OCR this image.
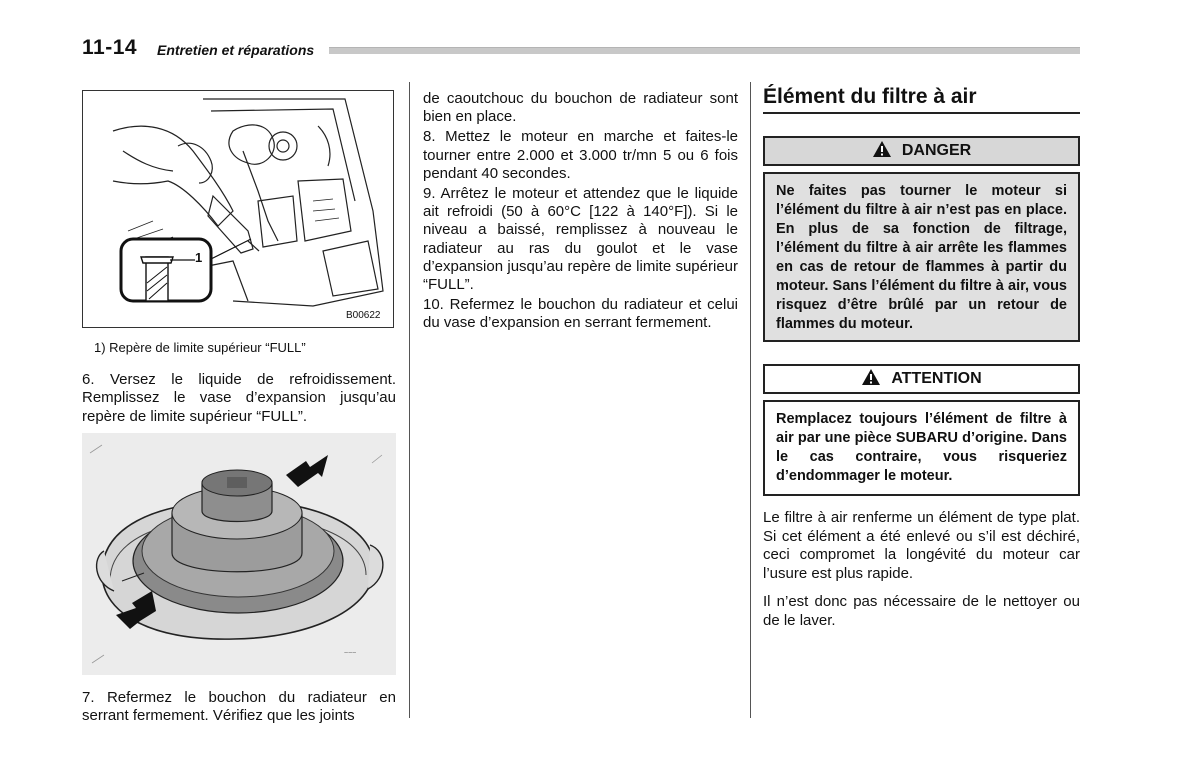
11-14 Entretien et réparations
1
B00622
1) Repère de limite supérieur “FULL”

6. Versez le liquide de refroidissement. Remplissez le vase d’expansion jusqu’au repère de limite supérieur “FULL”.

~~~

7. Refermez le bouchon du radiateur en serrant fermement. Vérifiez que les joints

de caoutchouc du bouchon de radiateur sont bien en place.

8. Mettez le moteur en marche et faites-le tourner entre 2.000 et 3.000 tr/mn 5 ou 6 fois pendant 40 secondes.

9. Arrêtez le moteur et attendez que le liquide ait refroidi (50 à 60°C [122 à 140°F]). Si le niveau a baissé, remplissez à nouveau le radiateur au ras du goulot et le vase d’expansion jusqu’au repère de limite supérieur “FULL”.

10. Refermez le bouchon du radiateur et celui du vase d’expansion en serrant fermement.

Élément du filtre à air
DANGER

Ne faites pas tourner le moteur si l’élément du filtre à air n’est pas en place. En plus de sa fonction de filtrage, l’élément du filtre à air arrête les flammes en cas de retour de flammes à partir du moteur. Sans l’élément du filtre à air, vous risquez d’être brûlé par un retour de flammes du moteur.

ATTENTION

Remplacez toujours l’élément de filtre à air par une pièce SUBARU d’origine. Dans le cas contraire, vous risqueriez d’endommager le moteur.

Le filtre à air renferme un élément de type plat. Si cet élément a été enlevé ou s’il est déchiré, ceci compromet la longévité du moteur car l’usure est plus rapide.

Il n’est donc pas nécessaire de le nettoyer ou de le laver.
